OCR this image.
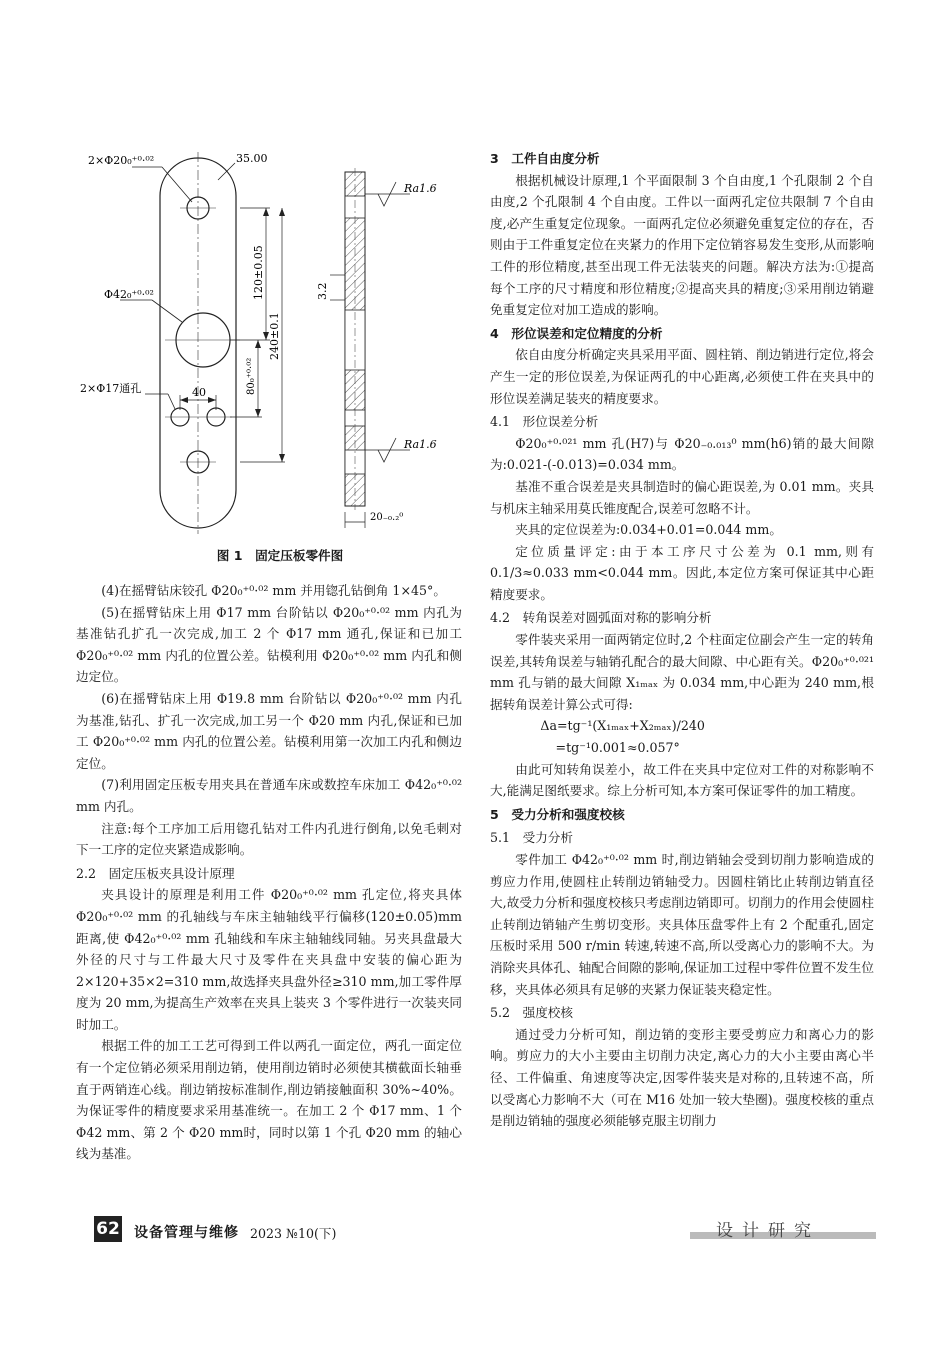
2×Φ20₀⁺⁰·⁰²	35.00
Φ42₀⁺⁰·⁰²
2×Φ17通孔	40
120±0.05
240±0.1
80₀⁺⁰·⁰²
3.2
Ra1.6
Ra1.6
20₋₀.₂⁰
图 1　固定压板零件图

(4)在摇臂钻床铰孔 Φ20₀⁺⁰·⁰² mm 并用锪孔钻倒角 1×45°。

(5)在摇臂钻床上用 Φ17 mm 台阶钻以 Φ20₀⁺⁰·⁰² mm 内孔为基准钻孔扩孔一次完成,加工 2 个 Φ17 mm 通孔,保证和已加工 Φ20₀⁺⁰·⁰² mm 内孔的位置公差。钻模利用 Φ20₀⁺⁰·⁰² mm 内孔和侧边定位。

(6)在摇臂钻床上用 Φ19.8 mm 台阶钻以 Φ20₀⁺⁰·⁰² mm 内孔为基准,钻孔、扩孔一次完成,加工另一个 Φ20 mm 内孔,保证和已加工 Φ20₀⁺⁰·⁰² mm 内孔的位置公差。钻模利用第一次加工内孔和侧边定位。

(7)利用固定压板专用夹具在普通车床或数控车床加工 Φ42₀⁺⁰·⁰² mm 内孔。

注意:每个工序加工后用锪孔钻对工件内孔进行倒角,以免毛刺对下一工序的定位夹紧造成影响。

2.2　固定压板夹具设计原理

夹具设计的原理是利用工件 Φ20₀⁺⁰·⁰² mm 孔定位,将夹具体 Φ20₀⁺⁰·⁰² mm 的孔轴线与车床主轴轴线平行偏移(120±0.05)mm 距离,使 Φ42₀⁺⁰·⁰² mm 孔轴线和车床主轴轴线同轴。另夹具盘最大外径的尺寸与工件最大尺寸及零件在夹具盘中安装的偏心距为 2×120+35×2=310 mm,故选择夹具盘外径≥310 mm,加工零件厚度为 20 mm,为提高生产效率在夹具上装夹 3 个零件进行一次装夹同时加工。

根据工件的加工工艺可得到工件以两孔一面定位，两孔一面定位有一个定位销必须采用削边销，使用削边销时必须使其横截面长轴垂直于两销连心线。削边销按标准制作,削边销接触面积 30%~40%。为保证零件的精度要求采用基准统一。在加工 2 个 Φ17 mm、1 个 Φ42 mm、第 2 个 Φ20 mm时，同时以第 1 个孔 Φ20 mm 的轴心线为基准。

3　工件自由度分析

根据机械设计原理,1 个平面限制 3 个自由度,1 个孔限制 2 个自由度,2 个孔限制 4 个自由度。工件以一面两孔定位共限制 7 个自由度,必产生重复定位现象。一面两孔定位必须避免重复定位的存在，否则由于工件重复定位在夹紧力的作用下定位销容易发生变形,从而影响工件的形位精度,甚至出现工件无法装夹的问题。解决方法为:①提高每个工序的尺寸精度和形位精度;②提高夹具的精度;③采用削边销避免重复定位对加工造成的影响。

4　形位误差和定位精度的分析

依自由度分析确定夹具采用平面、圆柱销、削边销进行定位,将会产生一定的形位误差,为保证两孔的中心距离,必须使工件在夹具中的形位误差满足装夹的精度要求。

4.1　形位误差分析

Φ20₀⁺⁰·⁰²¹ mm 孔(H7)与 Φ20₋₀.₀₁₃⁰ mm(h6)销的最大间隙为:0.021-(-0.013)=0.034 mm。

基准不重合误差是夹具制造时的偏心距误差,为 0.01 mm。夹具与机床主轴采用莫氏锥度配合,误差可忽略不计。

夹具的定位误差为:0.034+0.01=0.044 mm。

定位质量评定:由于本工序尺寸公差为 0.1 mm,则有 0.1/3≈0.033 mm<0.044 mm。因此,本定位方案可保证其中心距精度要求。

4.2　转角误差对圆弧面对称的影响分析

零件装夹采用一面两销定位时,2 个柱面定位副会产生一定的转角误差,其转角误差与轴销孔配合的最大间隙、中心距有关。Φ20₀⁺⁰·⁰²¹ mm 孔与销的最大间隙 X₁ₘₐₓ 为 0.034 mm,中心距为 240 mm,根据转角误差计算公式可得:

Δa=tg⁻¹(X₁ₘₐₓ+X₂ₘₐₓ)/240

=tg⁻¹0.001≈0.057°

由此可知转角误差小，故工件在夹具中定位对工件的对称影响不大,能满足图纸要求。综上分析可知,本方案可保证零件的加工精度。

5　受力分析和强度校核

5.1　受力分析

零件加工 Φ42₀⁺⁰·⁰² mm 时,削边销轴会受到切削力影响造成的剪应力作用,使圆柱止转削边销轴受力。因圆柱销比止转削边销直径大,故受力分析和强度校核只考虑削边销即可。切削力的作用会使圆柱止转削边销轴产生剪切变形。夹具体压盘零件上有 2 个配重孔,固定压板时采用 500 r/min 转速,转速不高,所以受离心力的影响不大。为消除夹具体孔、轴配合间隙的影响,保证加工过程中零件位置不发生位移，夹具体必须具有足够的夹紧力保证装夹稳定性。

5.2　强度校核

通过受力分析可知，削边销的变形主要受剪应力和离心力的影响。剪应力的大小主要由主切削力决定,离心力的大小主要由离心半径、工件偏重、角速度等决定,因零件装夹是对称的,且转速不高，所以受离心力影响不大（可在 M16 处加一较大垫圈)。强度校核的重点是削边销轴的强度必须能够克服主切削力

62 设备管理与维修 2023 №10(下)	设计研究
